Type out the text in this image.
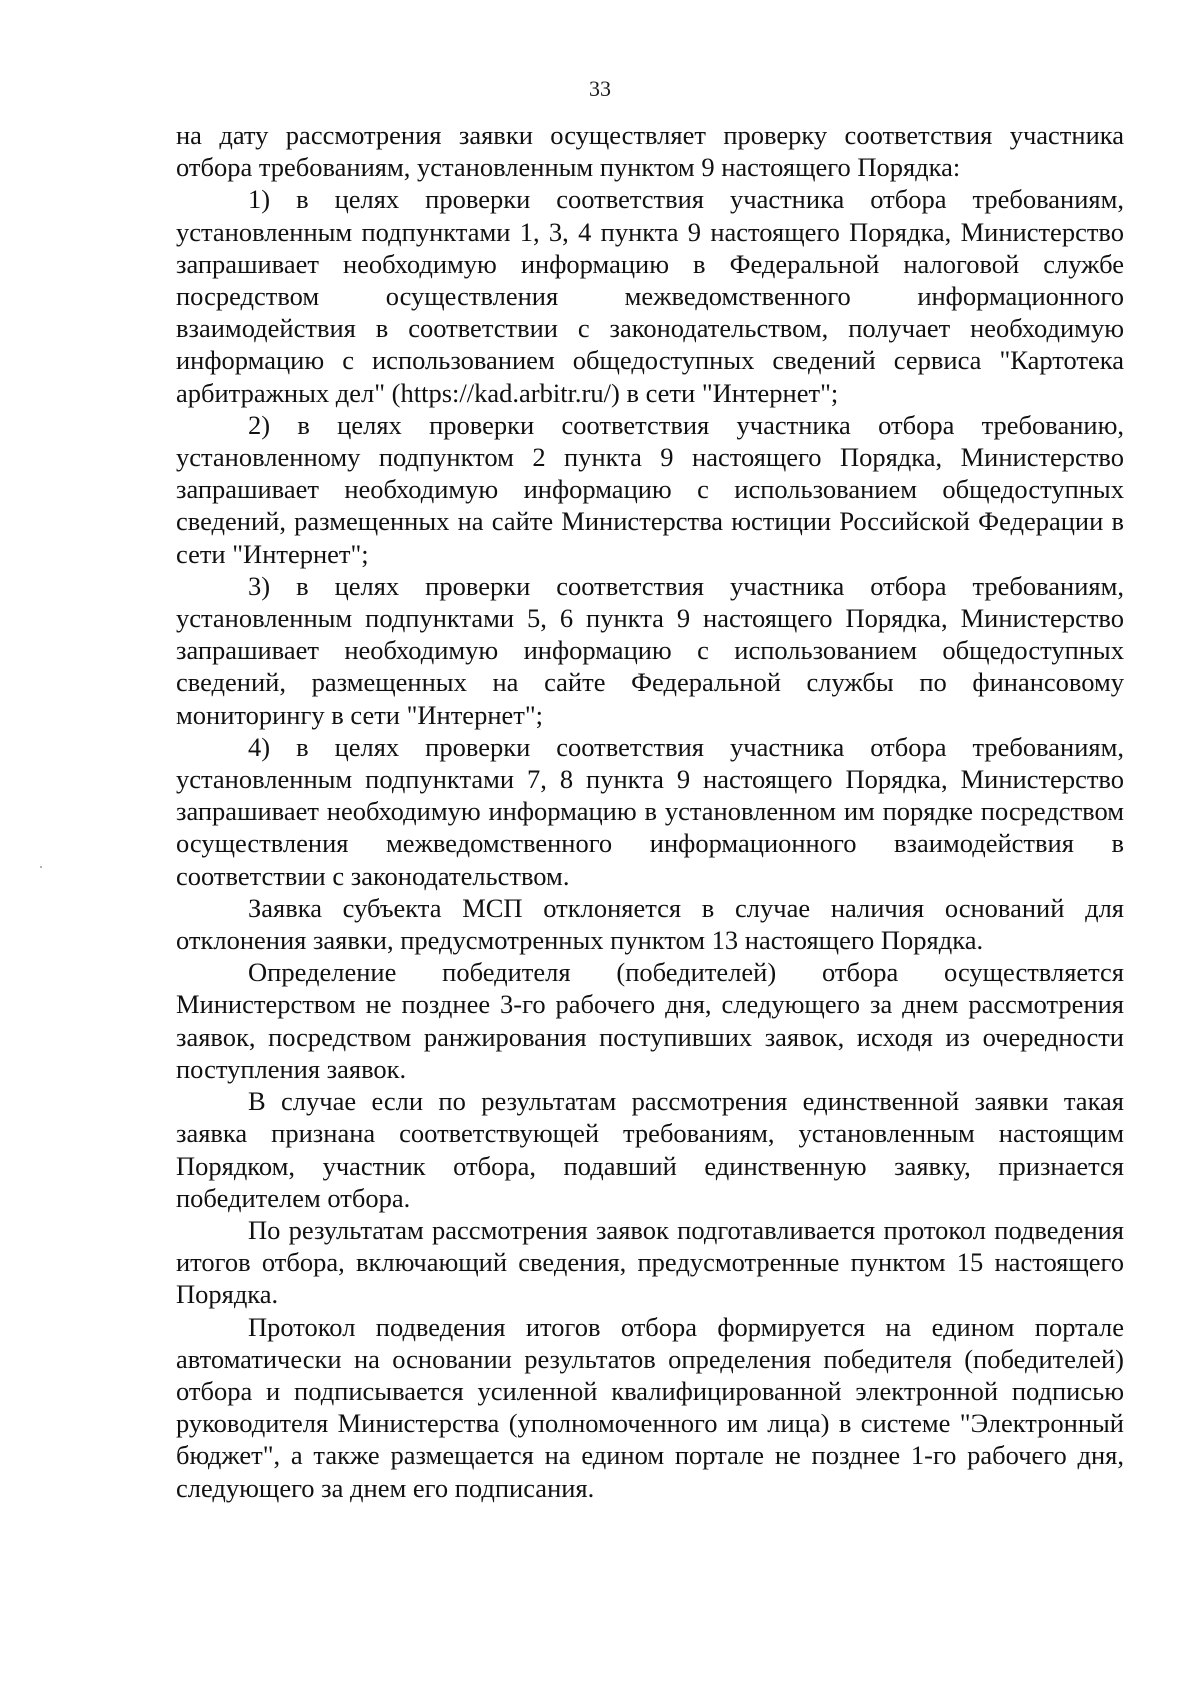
33

на дату рассмотрения заявки осуществляет проверку соответствия участника отбора требованиям, установленным пунктом 9 настоящего Порядка:

1) в целях проверки соответствия участника отбора требованиям, установленным подпунктами 1, 3, 4 пункта 9 настоящего Порядка, Министерство запрашивает необходимую информацию в Федеральной налоговой службе посредством осуществления межведомственного информационного взаимодействия в соответствии с законодательством, получает необходимую информацию с использованием общедоступных сведений сервиса "Картотека арбитражных дел" (https://kad.arbitr.ru/) в сети "Интернет";

2) в целях проверки соответствия участника отбора требованию, установленному подпунктом 2 пункта 9 настоящего Порядка, Министерство запрашивает необходимую информацию с использованием общедоступных сведений, размещенных на сайте Министерства юстиции Российской Федерации в сети "Интернет";

3) в целях проверки соответствия участника отбора требованиям, установленным подпунктами 5, 6 пункта 9 настоящего Порядка, Министерство запрашивает необходимую информацию с использованием общедоступных сведений, размещенных на сайте Федеральной службы по финансовому мониторингу в сети "Интернет";

4) в целях проверки соответствия участника отбора требованиям, установленным подпунктами 7, 8 пункта 9 настоящего Порядка, Министерство запрашивает необходимую информацию в установленном им порядке посредством осуществления межведомственного информационного взаимодействия в соответствии с законодательством.

Заявка субъекта МСП отклоняется в случае наличия оснований для отклонения заявки, предусмотренных пунктом 13 настоящего Порядка.

Определение победителя (победителей) отбора осуществляется Министерством не позднее 3-го рабочего дня, следующего за днем рассмотрения заявок, посредством ранжирования поступивших заявок, исходя из очередности поступления заявок.

В случае если по результатам рассмотрения единственной заявки такая заявка признана соответствующей требованиям, установленным настоящим Порядком, участник отбора, подавший единственную заявку, признается победителем отбора.

По результатам рассмотрения заявок подготавливается протокол подведения итогов отбора, включающий сведения, предусмотренные пунктом 15 настоящего Порядка.

Протокол подведения итогов отбора формируется на едином портале автоматически на основании результатов определения победителя (победителей) отбора и подписывается усиленной квалифицированной электронной подписью руководителя Министерства (уполномоченного им лица) в системе "Электронный бюджет", а также размещается на едином портале не позднее 1-го рабочего дня, следующего за днем его подписания.
